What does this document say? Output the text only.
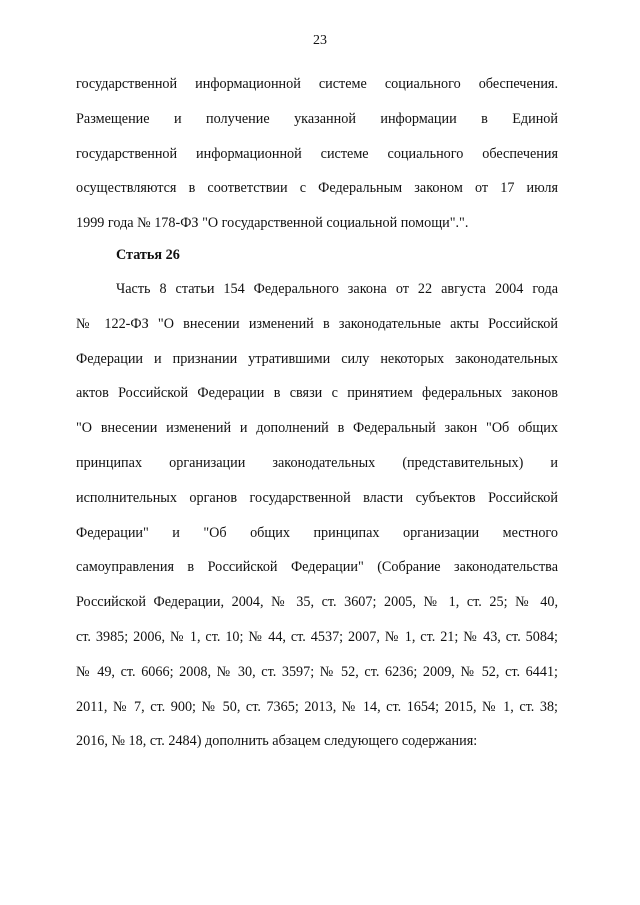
23
государственной информационной системе социального обеспечения.
Размещение и получение указанной информации в Единой
государственной информационной системе социального обеспечения
осуществляются в соответствии с Федеральным законом от 17 июля
1999 года № 178-ФЗ "О государственной социальной помощи".".
Статья 26
Часть 8 статьи 154 Федерального закона от 22 августа 2004 года
№ 122-ФЗ "О внесении изменений в законодательные акты Российской
Федерации и признании утратившими силу некоторых законодательных
актов Российской Федерации в связи с принятием федеральных законов
"О внесении изменений и дополнений в Федеральный закон "Об общих
принципах организации законодательных (представительных) и
исполнительных органов государственной власти субъектов Российской
Федерации" и "Об общих принципах организации местного
самоуправления в Российской Федерации" (Собрание законодательства
Российской Федерации, 2004, № 35, ст. 3607; 2005, № 1, ст. 25; № 40,
ст. 3985; 2006, № 1, ст. 10; № 44, ст. 4537; 2007, № 1, ст. 21; № 43, ст. 5084;
№ 49, ст. 6066; 2008, № 30, ст. 3597; № 52, ст. 6236; 2009, № 52, ст. 6441;
2011, № 7, ст. 900; № 50, ст. 7365; 2013, № 14, ст. 1654; 2015, № 1, ст. 38;
2016, № 18, ст. 2484) дополнить абзацем следующего содержания:
